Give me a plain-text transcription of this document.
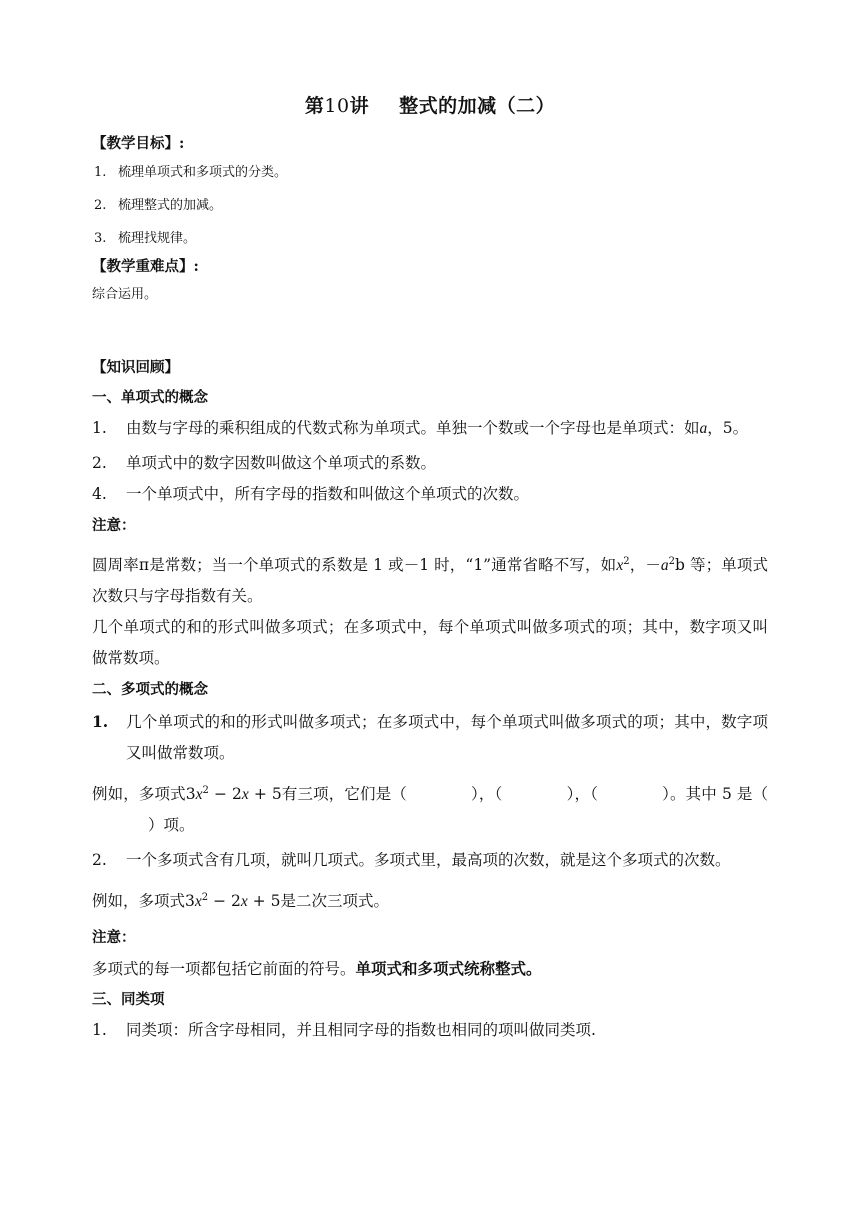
第10讲 整式的加减（二）

【教学目标】:

1. 梳理单项式和多项式的分类。

2. 梳理整式的加减。

3. 梳理找规律。

【教学重难点】:

综合运用。

【知识回顾】

一、单项式的概念

1. 由数与字母的乘积组成的代数式称为单项式。单独一个数或一个字母也是单项式：如a，5。

2. 单项式中的数字因数叫做这个单项式的系数。

4. 一个单项式中，所有字母的指数和叫做这个单项式的次数。

注意：

圆周率π是常数；当一个单项式的系数是 1 或－1 时，“1”通常省略不写，如$x^2$，$-a^2b$ 等；单项式次数只与字母指数有关。

几个单项式的和的形式叫做多项式；在多项式中，每个单项式叫做多项式的项；其中，数字项又叫做常数项。

二、多项式的概念

1. 几个单项式的和的形式叫做多项式；在多项式中，每个单项式叫做多项式的项；其中，数字项又叫做常数项。

例如，多项式$3x^2 - 2x + 5$有三项，它们是（	），（	），（	）。其中 5 是（）项。

2. 一个多项式含有几项，就叫几项式。多项式里，最高项的次数，就是这个多项式的次数。

例如，多项式$3x^2 - 2x + 5$是二次三项式。

注意：

多项式的每一项都包括它前面的符号。单项式和多项式统称整式。

三、同类项

1. 同类项：所含字母相同，并且相同字母的指数也相同的项叫做同类项.
